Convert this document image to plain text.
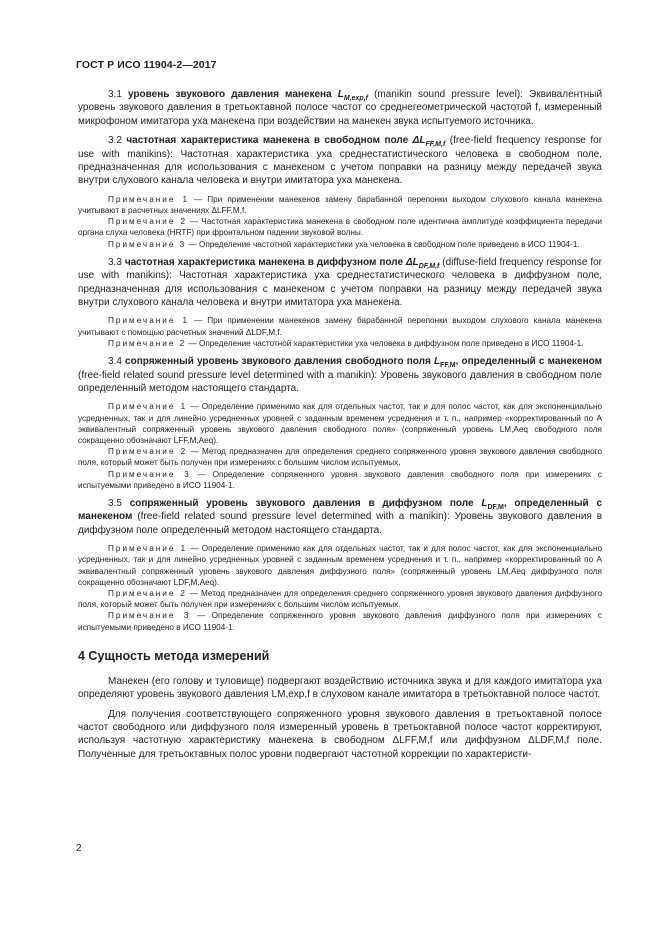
ГОСТ Р ИСО 11904-2—2017

3.1 уровень звукового давления манекена $L_{M,exp,f}$ (manikin sound pressure level): Эквивалентный уровень звукового давления в третьоктавной полосе частот со среднегеометрической частотой f, измеренный микрофоном имитатора уха манекена при воздействии на манекен звука испытуемого источника.

3.2 частотная характеристика манекена в свободном поле $\Delta L_{FF,M,f}$ (free-field frequency response for use with manikins): Частотная характеристика уха среднестатистического человека в свободном поле, предназначенная для использования с манекеном с учетом поправки на разницу между передачей звука внутри слухового канала человека и внутри имитатора уха манекена.

Примечание 1 — При применении манекенов замену барабанной перепонки выходом слухового канала манекена учитывают в расчетных значениях ΔLFF,M,f.

Примечание 2 — Частотная характеристика манекена в свободном поле идентична амплитуде коэффициента передачи органа слуха человека (HRTF) при фронтальном падении звуковой волны.

Примечание 3 — Определение частотной характеристики уха человека в свободном поле приведено в ИСО 11904-1.

3.3 частотная характеристика манекена в диффузном поле $\Delta L_{DF,M,f}$ (diffuse-field frequency response for use with manikins): Частотная характеристика уха среднестатистического человека в диффузном поле, предназначенная для использования с манекеном с учетом поправки на разницу между передачей звука внутри слухового канала человека и внутри имитатора уха манекена.

Примечание 1 — При применении манекенов замену барабанной перепонки выходом слухового канала манекена учитывают с помощью расчетных значений ΔLDF,M,f.

Примечание 2 — Определение частотной характеристики уха человека в диффузном поле приведено в ИСО 11904-1.

3.4 сопряженный уровень звукового давления свободного поля $L_{FF,M}$, определенный с манекеном (free-field related sound pressure level determined with a manikin): Уровень звукового давления в свободном поле определенный методом настоящего стандарта.

Примечание 1 — Определение применимо как для отдельных частот, так и для полос частот, как для экспоненциально усредненных, так и для линейно усредненных уровней с заданным временем усреднения и т. п., например «корректированный по A эквивалентный сопряженный уровень звукового давления свободного поля» (сопряженный уровень LM,Aeq свободного поля сокращенно обозначают LFF,M,Aeq).

Примечание 2 — Метод предназначен для определения среднего сопряженного уровня звукового давления свободного поля, который может быть получен при измерениях с большим числом испытуемых.

Примечание 3 — Определение сопряженного уровня звукового давления свободного поля при измерениях с испытуемыми приведено в ИСО 11904-1.

3.5 сопряженный уровень звукового давления в диффузном поле $L_{DF,M}$, определенный с манекеном (free-field related sound pressure level determined with a manikin): Уровень звукового давления в диффузном поле определенный методом настоящего стандарта.

Примечание 1 — Определение применимо как для отдельных частот, так и для полос частот, как для экспоненциально усредненных, так и для линейно усредненных уровней с заданным временем усреднения и т. п., например «корректированный по A эквивалентный сопряженный уровень звукового давления диффузного поля» (сопряженный уровень LM,Aeq диффузного поля сокращенно обозначают LDF,M,Aeq).

Примечание 2 — Метод предназначен для определения среднего сопряженного уровня звукового давления диффузного поля, который может быть получен при измерениях с большим числом испытуемых.

Примечание 3 — Определение сопряженного уровня звукового давления диффузного поля при измерениях с испытуемыми приведено в ИСО 11904-1.

4 Сущность метода измерений

Манекен (его голову и туловище) подвергают воздействию источника звука и для каждого имитатора уха определяют уровень звукового давления LM,exp,f в слуховом канале имитатора в третьоктавной полосе частот.

Для получения соответствующего сопряженного уровня звукового давления в третьоктавной полосе частот свободного или диффузного поля измеренный уровень в третьоктавной полосе частот корректируют, используя частотную характеристику манекена в свободном ΔLFF,M,f или диффузном ΔLDF,M,f поле. Полученные для третьоктавных полос уровни подвергают частотной коррекции по характеристи-

2
